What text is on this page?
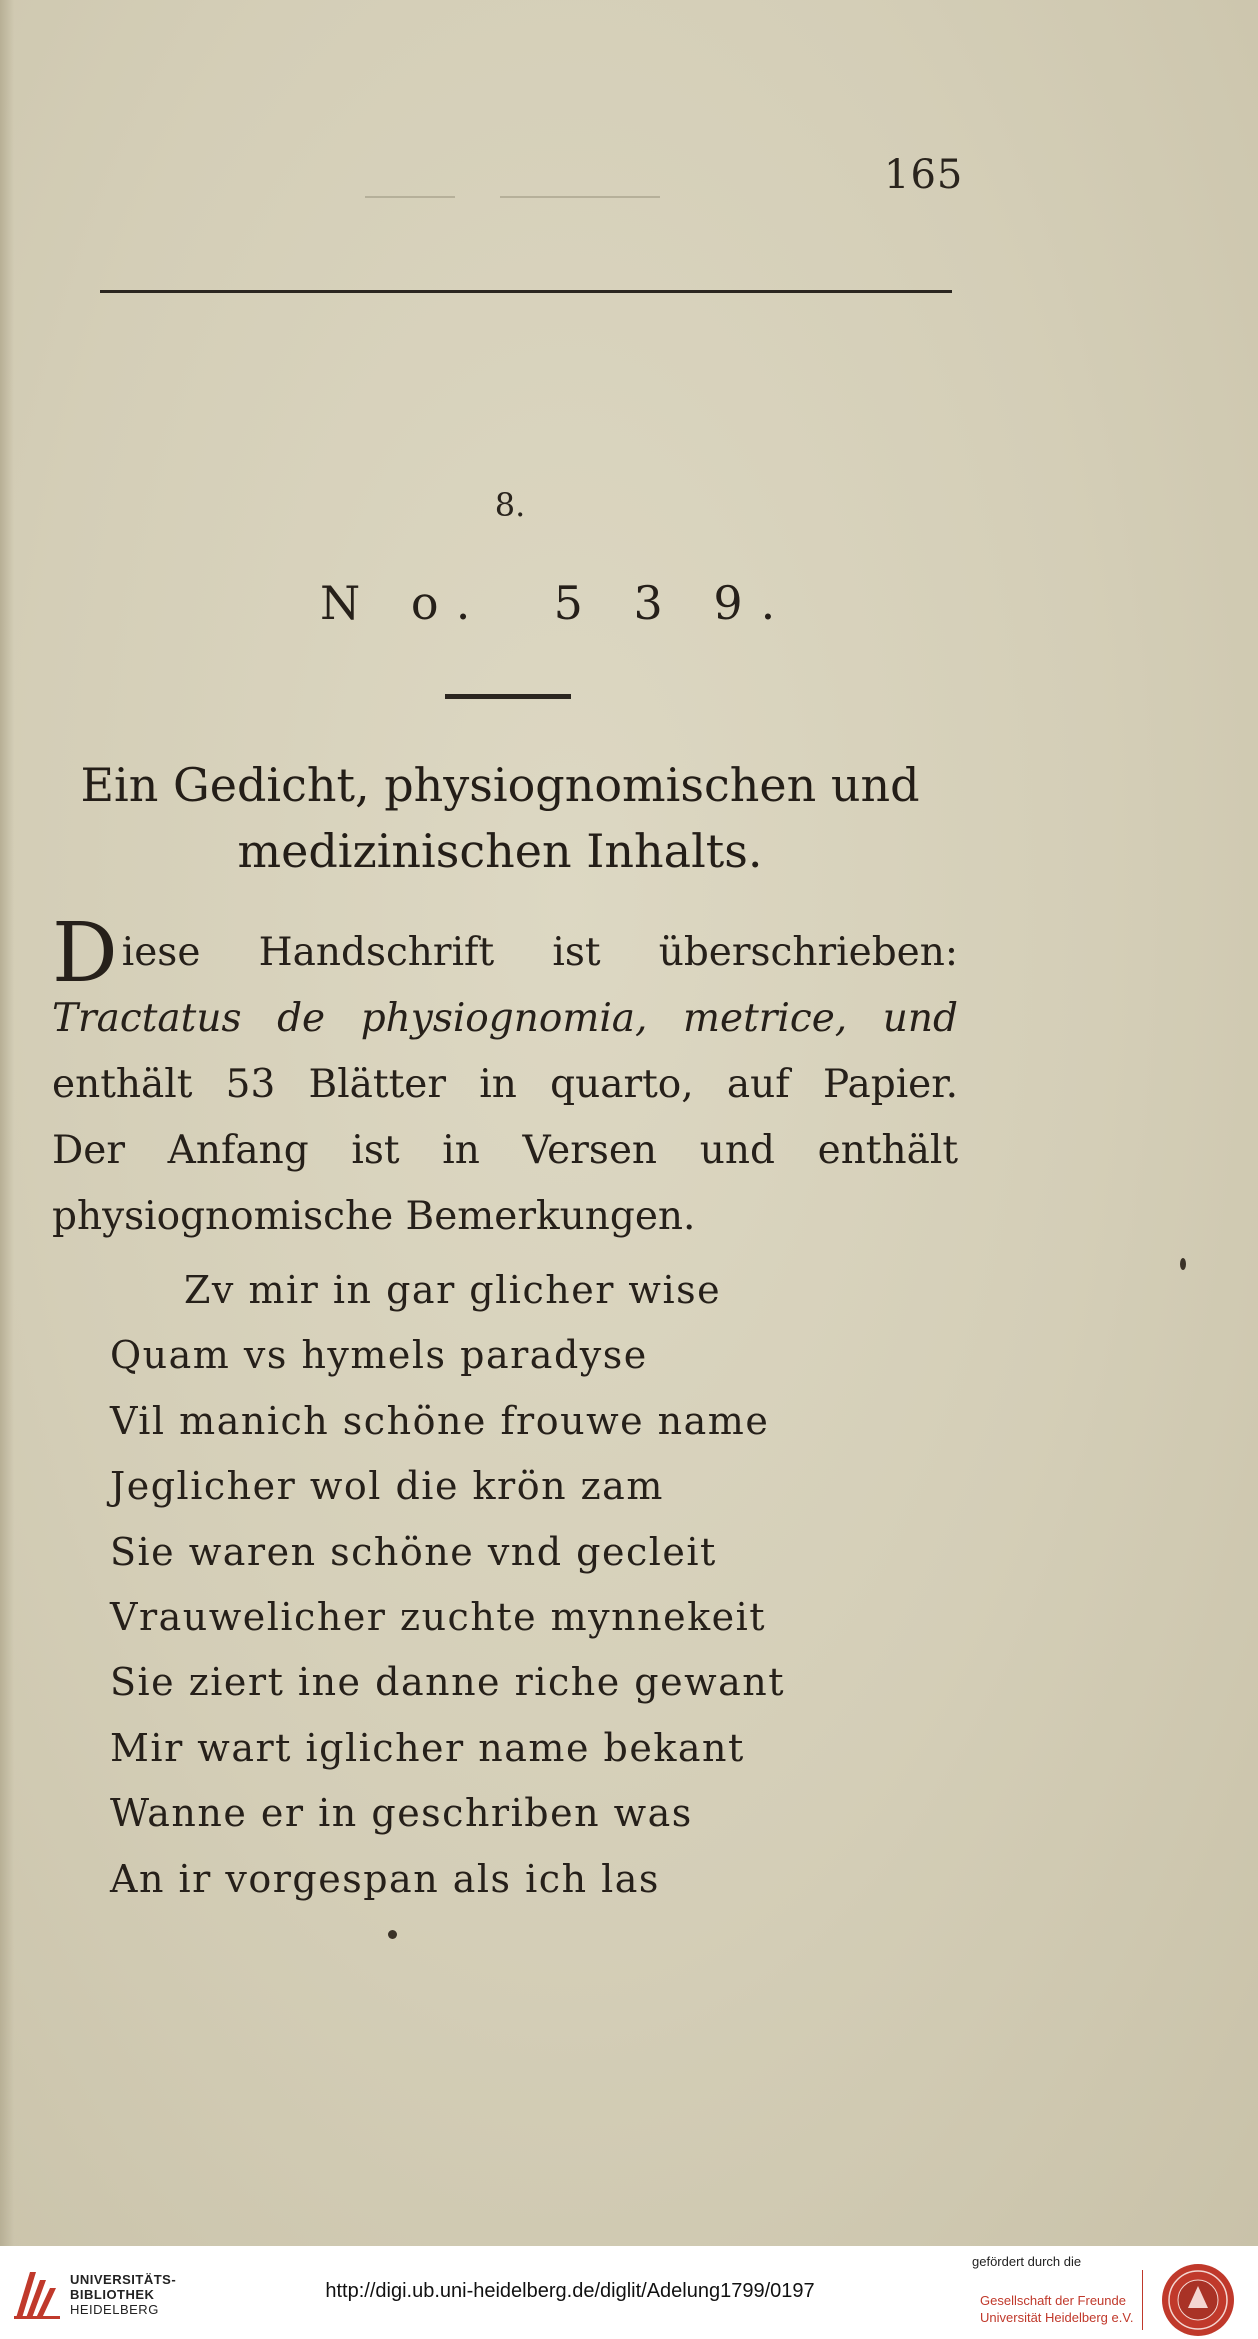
165
8.
N o.  5 3 9.
Ein Gedicht, physiognomischen und
medizinischen Inhalts.
Diese Handschrift ist überschrieben:
Tractatus de physiognomia, metrice, und
enthält 53 Blätter in quarto, auf Papier.
Der Anfang ist in Versen und enthält
physiognomische Bemerkungen.
Zv mir in gar glicher wise
Quam vs hymels paradyse
Vil manich schöne frouwe name
Jeglicher wol die krön zam
Sie waren schöne vnd gecleit
Vrauwelicher zuchte mynnekeit
Sie ziert ine danne riche gewant
Mir wart iglicher name bekant
Wanne er in geschriben was
An ir vorgespan als ich las
UNIVERSITÄTS-
BIBLIOTHEK
HEIDELBERG
http://digi.ub.uni-heidelberg.de/diglit/Adelung1799/0197
gefördert durch die
Gesellschaft der Freunde
Universität Heidelberg e.V.
